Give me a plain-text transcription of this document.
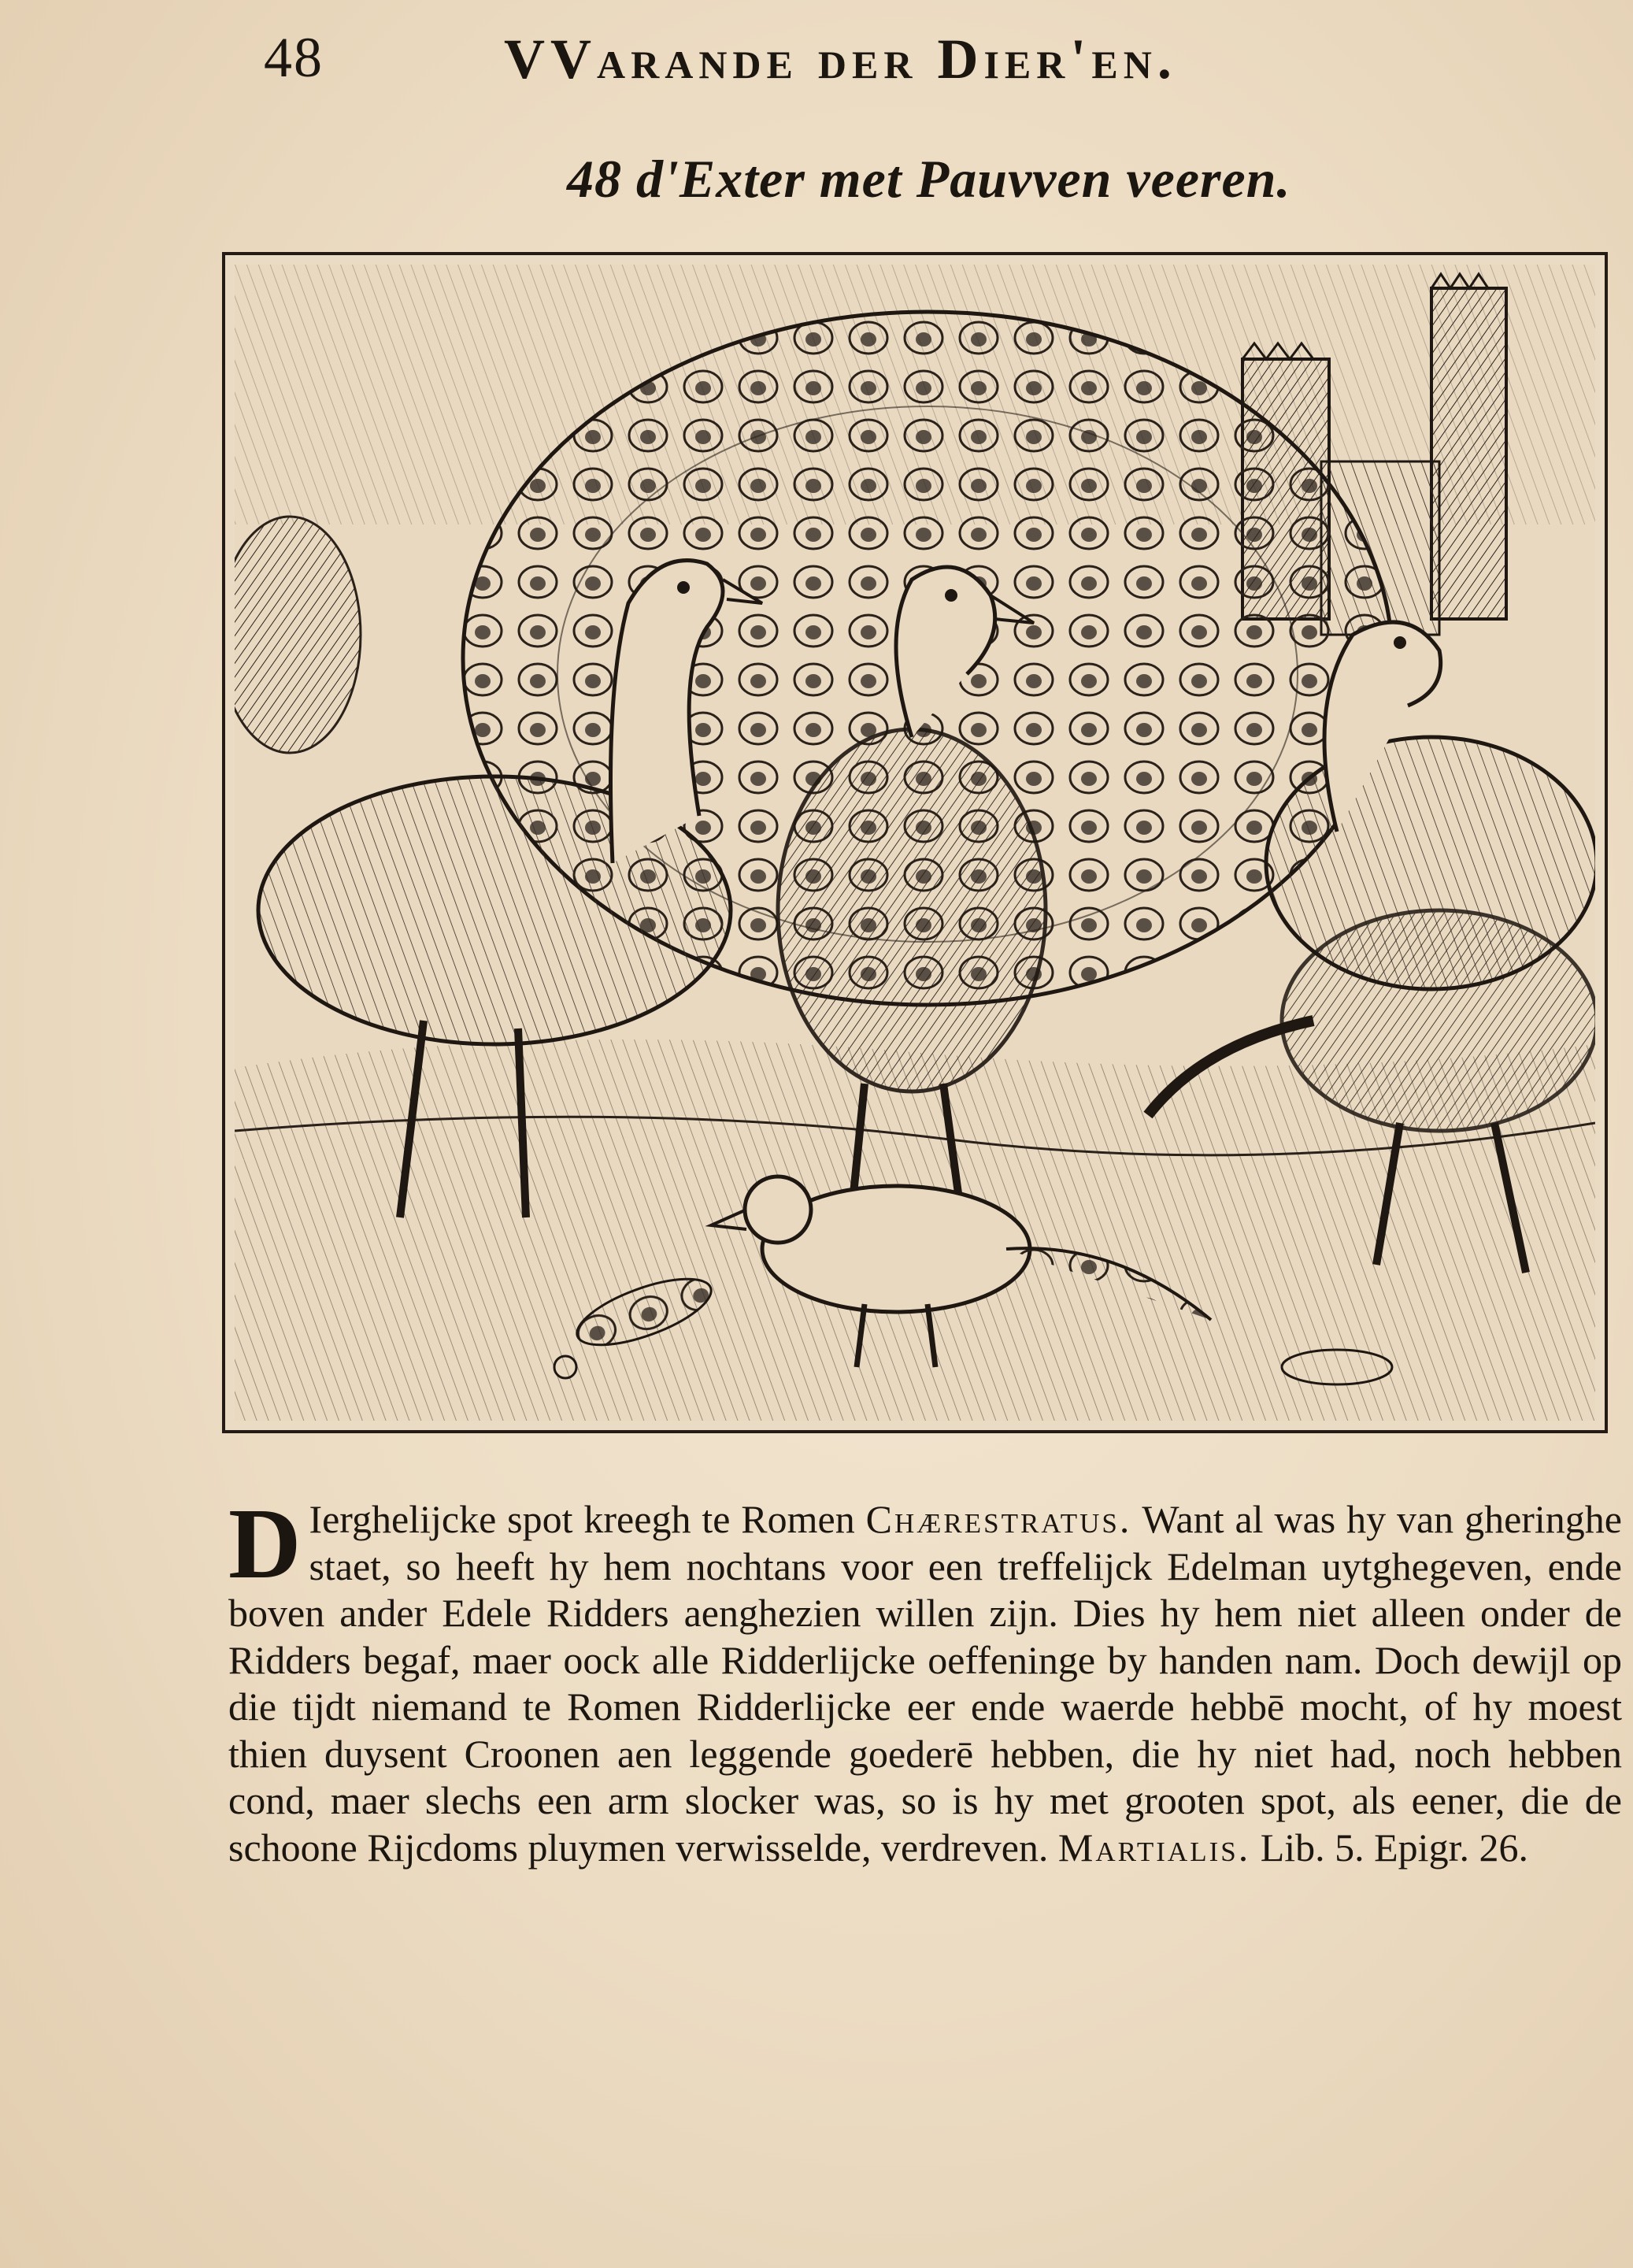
48	VVarande der Dier'en.
48 d'Exter met Pauvven veeren.
D Ierghelijcke spot kreegh te Romen Chærestratus. Want al was hy van gheringhe staet, so heeft hy hem nochtans voor een treffelijck Edelman uytghegeven, ende boven ander Edele Ridders aenghezien willen zijn. Dies hy hem niet alleen onder de Ridders begaf, maer oock alle Ridderlijcke oeffeninge by handen nam. Doch dewijl op die tijdt niemand te Romen Ridderlijcke eer ende waerde hebbē mocht, of hy moest thien duysent Croonen aen leggende goederē hebben, die hy niet had, noch hebben cond, maer slechs een arm slocker was, so is hy met grooten spot, als eener, die de schoone Rijcdoms pluymen verwisselde, verdreven. Martialis. Lib. 5. Epigr. 26.
